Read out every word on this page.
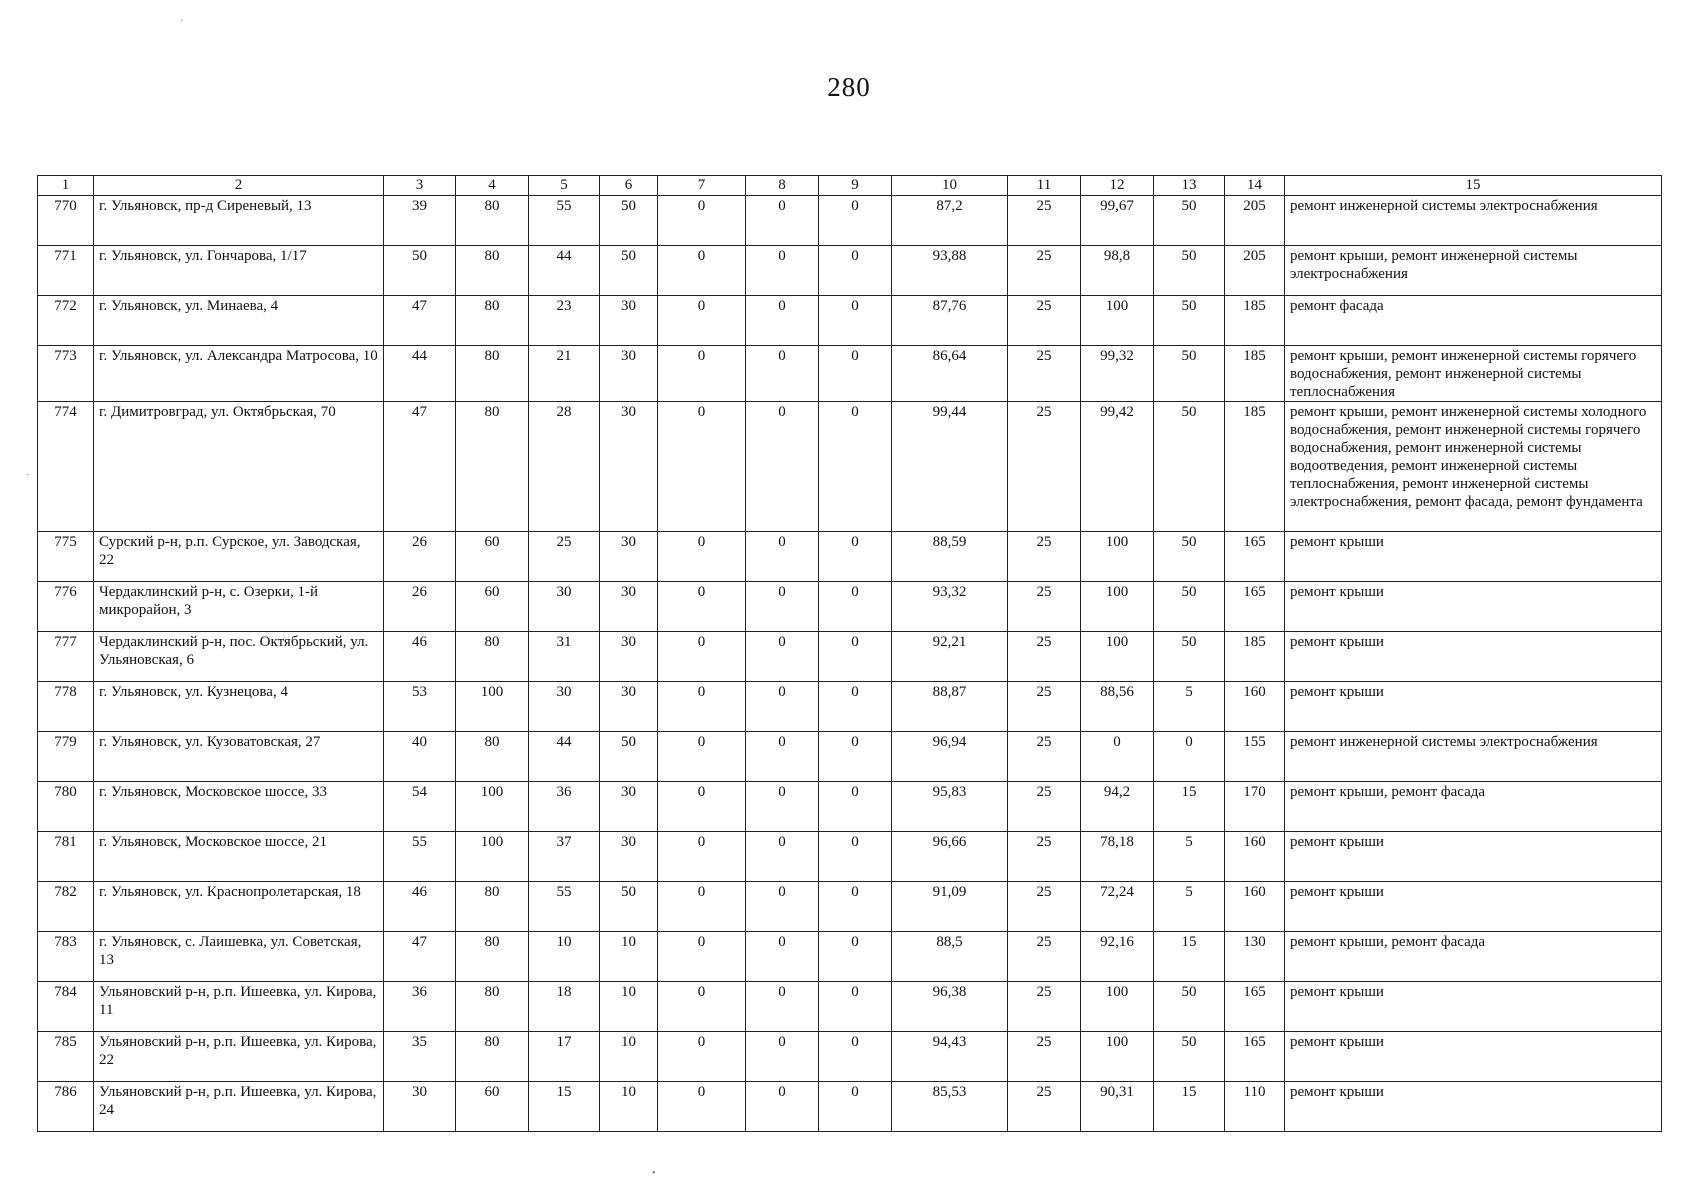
280
1	2	3	4	5	6	7	8	9	10	11	12	13	14	15
770	г. Ульяновск, пр-д Сиреневый, 13	39	80	55	50	0	0	0	87,2	25	99,67	50	205	ремонт инженерной системы электроснабжения
771	г. Ульяновск, ул. Гончарова, 1/17	50	80	44	50	0	0	0	93,88	25	98,8	50	205	ремонт крыши, ремонт инженерной системы электроснабжения
772	г. Ульяновск, ул. Минаева, 4	47	80	23	30	0	0	0	87,76	25	100	50	185	ремонт фасада
773	г. Ульяновск, ул. Александра Матросова, 10	44	80	21	30	0	0	0	86,64	25	99,32	50	185	ремонт крыши, ремонт инженерной системы горячего водоснабжения, ремонт инженерной системы теплоснабжения
774	г. Димитровград, ул. Октябрьская, 70	47	80	28	30	0	0	0	99,44	25	99,42	50	185	ремонт крыши, ремонт инженерной системы холодного водоснабжения, ремонт инженерной системы горячего водоснабжения, ремонт инженерной системы водоотведения, ремонт инженерной системы теплоснабжения, ремонт инженерной системы электроснабжения, ремонт фасада, ремонт фундамента
775	Сурский р-н, р.п. Сурское, ул. Заводская, 22	26	60	25	30	0	0	0	88,59	25	100	50	165	ремонт крыши
776	Чердаклинский р-н, с. Озерки, 1-й микрорайон, 3	26	60	30	30	0	0	0	93,32	25	100	50	165	ремонт крыши
777	Чердаклинский р-н, пос. Октябрьский, ул. Ульяновская, 6	46	80	31	30	0	0	0	92,21	25	100	50	185	ремонт крыши
778	г. Ульяновск, ул. Кузнецова, 4	53	100	30	30	0	0	0	88,87	25	88,56	5	160	ремонт крыши
779	г. Ульяновск, ул. Кузоватовская, 27	40	80	44	50	0	0	0	96,94	25	0	0	155	ремонт инженерной системы электроснабжения
780	г. Ульяновск, Московское шоссе, 33	54	100	36	30	0	0	0	95,83	25	94,2	15	170	ремонт крыши, ремонт фасада
781	г. Ульяновск, Московское шоссе, 21	55	100	37	30	0	0	0	96,66	25	78,18	5	160	ремонт крыши
782	г. Ульяновск, ул. Краснопролетарская, 18	46	80	55	50	0	0	0	91,09	25	72,24	5	160	ремонт крыши
783	г. Ульяновск, с. Лаишевка, ул. Советская, 13	47	80	10	10	0	0	0	88,5	25	92,16	15	130	ремонт крыши, ремонт фасада
784	Ульяновский р-н, р.п. Ишеевка, ул. Кирова, 11	36	80	18	10	0	0	0	96,38	25	100	50	165	ремонт крыши
785	Ульяновский р-н, р.п. Ишеевка, ул. Кирова, 22	35	80	17	10	0	0	0	94,43	25	100	50	165	ремонт крыши
786	Ульяновский р-н, р.п. Ишеевка, ул. Кирова, 24	30	60	15	10	0	0	0	85,53	25	90,31	15	110	ремонт крыши
·
·
•
